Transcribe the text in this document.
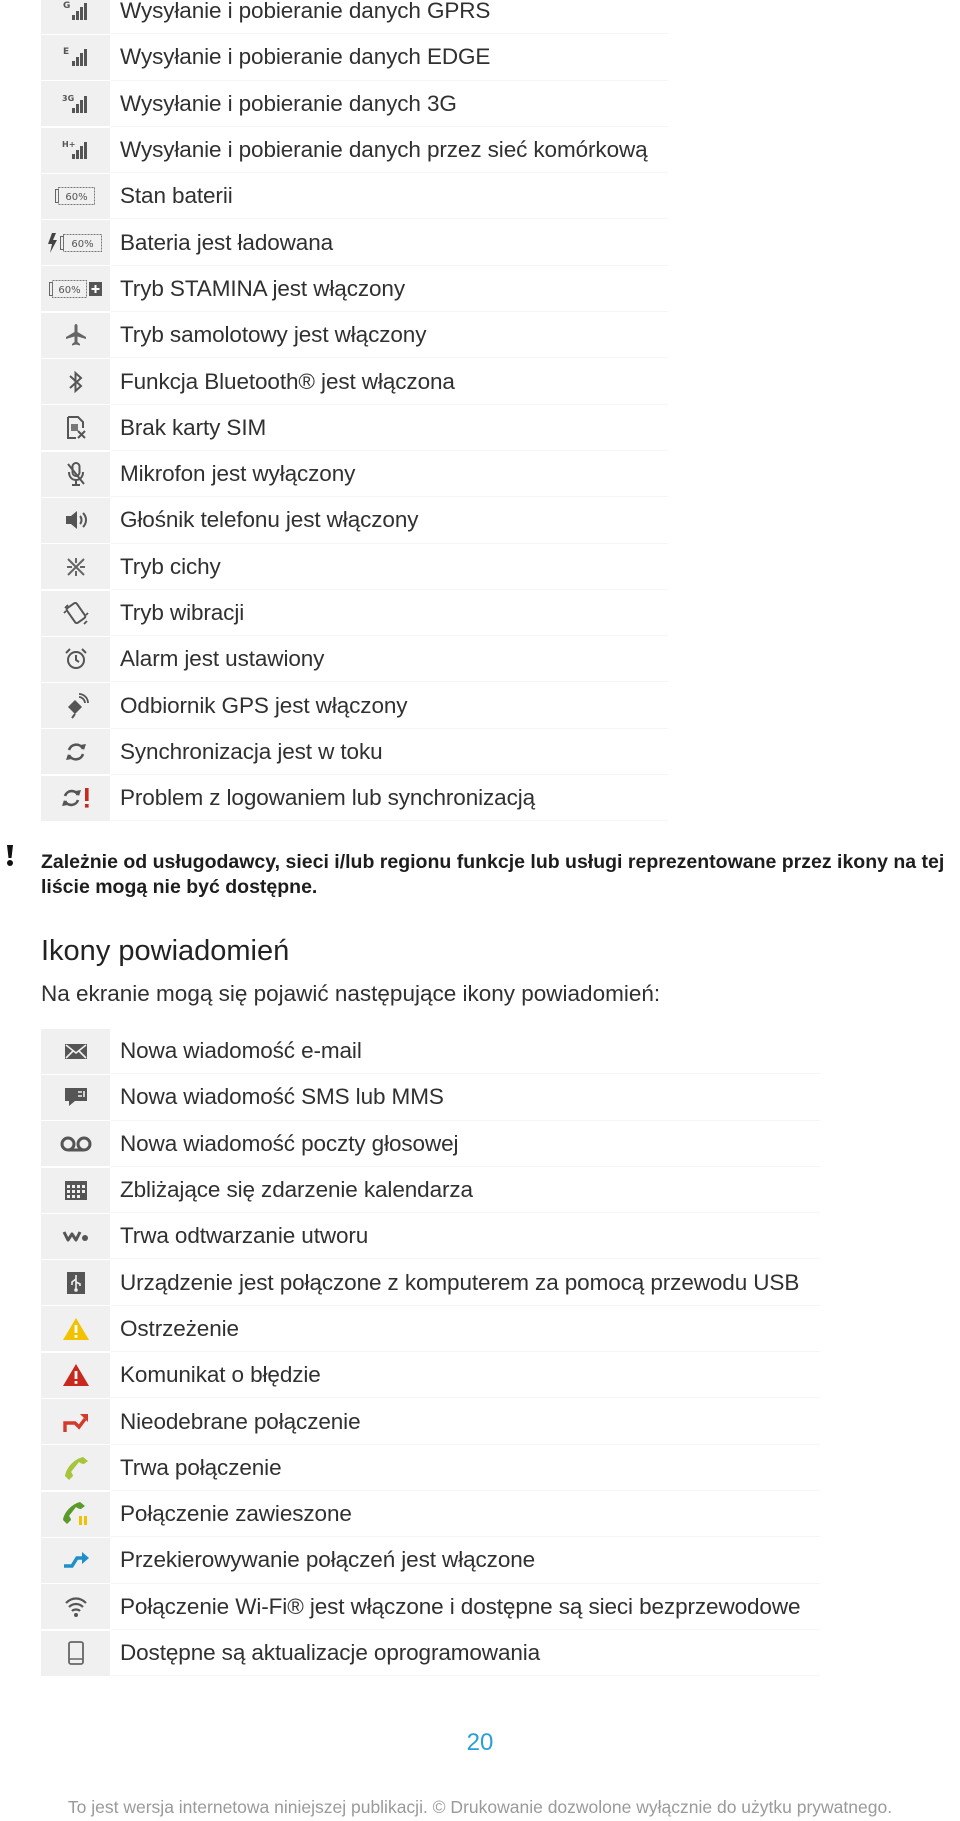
G Wysyłanie i pobieranie danych GPRS
E Wysyłanie i pobieranie danych EDGE
3G Wysyłanie i pobieranie danych 3G
H+ Wysyłanie i pobieranie danych przez sieć komórkową
60% Stan baterii
60% Bateria jest ładowana
60% Tryb STAMINA jest włączony
Tryb samolotowy jest włączony
Funkcja Bluetooth® jest włączona
Brak karty SIM
Mikrofon jest wyłączony
Głośnik telefonu jest włączony
Tryb cichy
Tryb wibracji
Alarm jest ustawiony
Odbiornik GPS jest włączony
Synchronizacja jest w toku
Problem z logowaniem lub synchronizacją
Zależnie od usługodawcy, sieci i/lub regionu funkcje lub usługi reprezentowane przez ikony na tej liście mogą nie być dostępne.
Ikony powiadomień
Na ekranie mogą się pojawić następujące ikony powiadomień:
Nowa wiadomość e-mail
Nowa wiadomość SMS lub MMS
Nowa wiadomość poczty głosowej
Zbliżające się zdarzenie kalendarza
Trwa odtwarzanie utworu
Urządzenie jest połączone z komputerem za pomocą przewodu USB
Ostrzeżenie
Komunikat o błędzie
Nieodebrane połączenie
Trwa połączenie
Połączenie zawieszone
Przekierowywanie połączeń jest włączone
Połączenie Wi-Fi® jest włączone i dostępne są sieci bezprzewodowe
Dostępne są aktualizacje oprogramowania
20
To jest wersja internetowa niniejszej publikacji. © Drukowanie dozwolone wyłącznie do użytku prywatnego.
